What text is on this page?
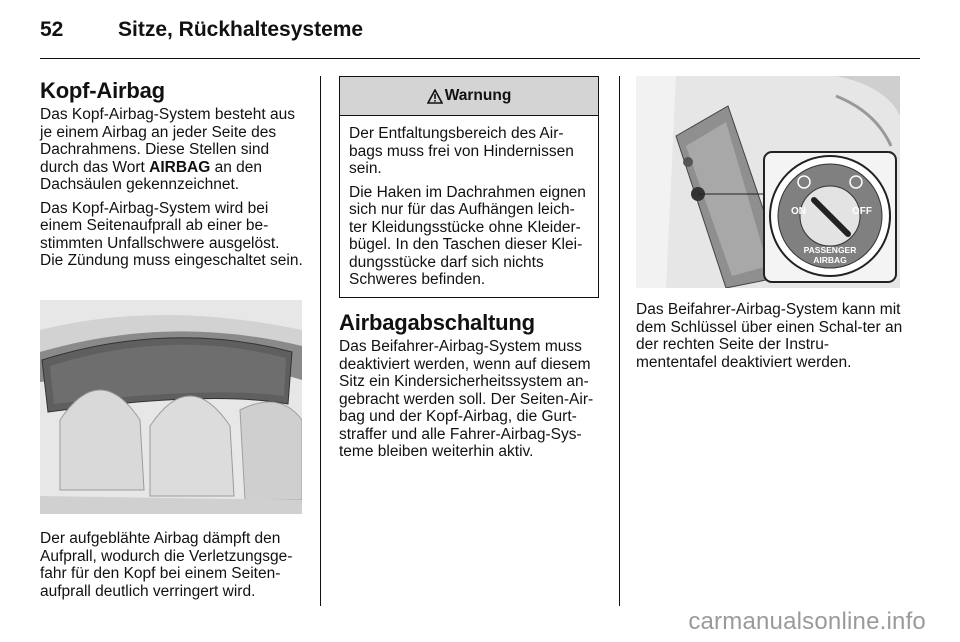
52	Sitze, Rückhaltesysteme
Kopf-Airbag

Das Kopf-Airbag-System besteht aus je einem Airbag an jeder Seite des Dachrahmens. Diese Stellen sind durch das Wort AIRBAG an den Dachsäulen gekennzeichnet.

Das Kopf-Airbag-System wird bei einem Seitenaufprall ab einer be-stimmten Unfallschwere ausgelöst. Die Zündung muss eingeschaltet sein.

Der aufgeblähte Airbag dämpft den Aufprall, wodurch die Verletzungsge-fahr für den Kopf bei einem Seiten-aufprall deutlich verringert wird.
Warnung

Der Entfaltungsbereich des Air-bags muss frei von Hindernissen sein.

Die Haken im Dachrahmen eignen sich nur für das Aufhängen leich-ter Kleidungsstücke ohne Kleider-bügel. In den Taschen dieser Klei-dungsstücke darf sich nichts Schweres befinden.

Airbagabschaltung

Das Beifahrer-Airbag-System muss deaktiviert werden, wenn auf diesem Sitz ein Kindersicherheitssystem an-gebracht werden soll. Der Seiten-Air-bag und der Kopf-Airbag, die Gurt-straffer und alle Fahrer-Airbag-Sys-teme bleiben weiterhin aktiv.

ON	OFF
PASSENGER
AIRBAG

Das Beifahrer-Airbag-System kann mit dem Schlüssel über einen Schal-ter an der rechten Seite der Instru-mententafel deaktiviert werden.

carmanualsonline.info
